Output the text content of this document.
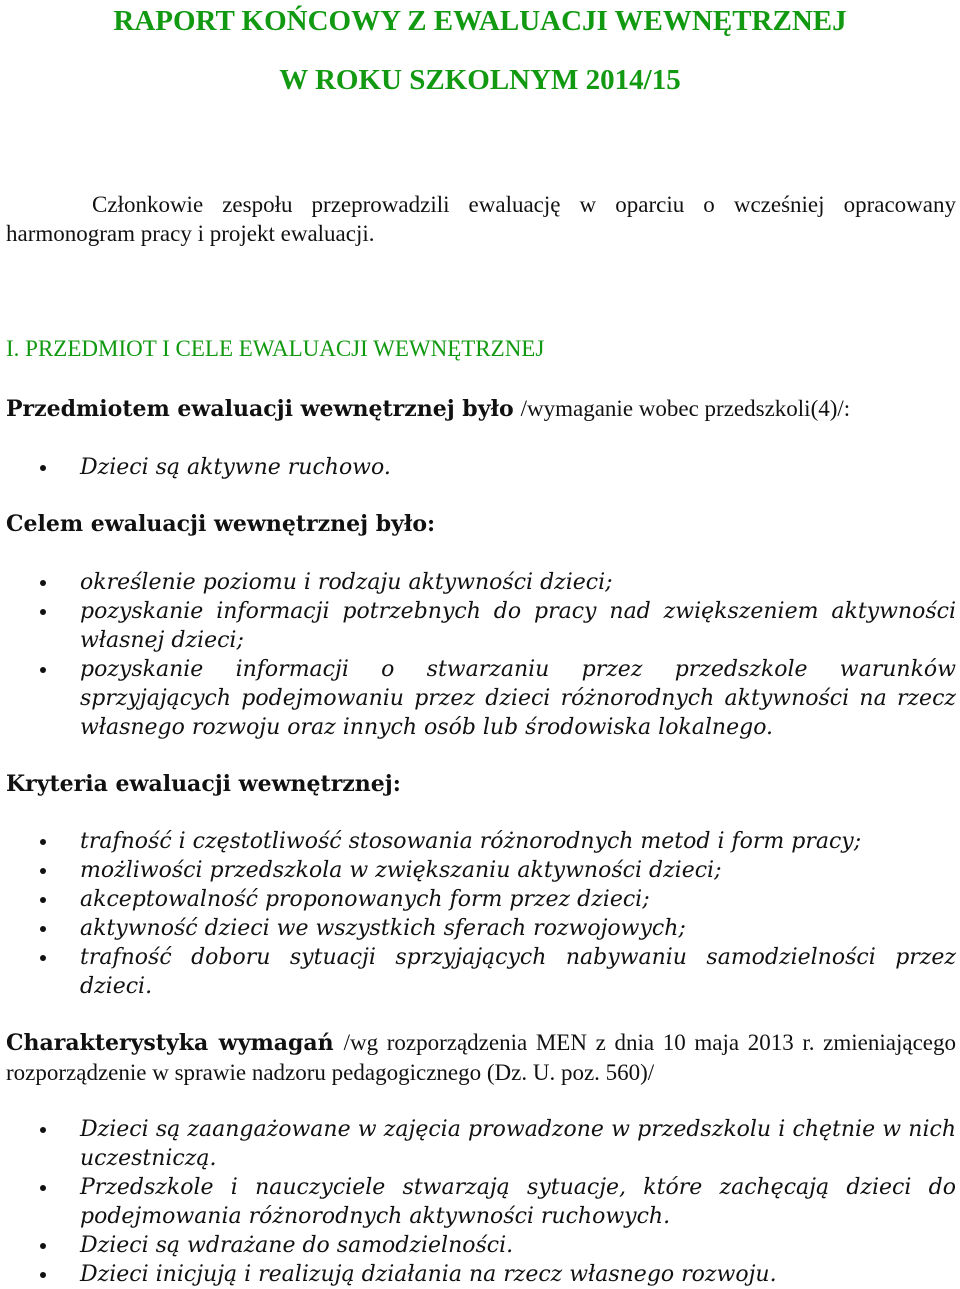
RAPORT KOŃCOWY Z EWALUACJI WEWNĘTRZNEJ
W ROKU SZKOLNYM 2014/15

Członkowie zespołu przeprowadzili ewaluację w oparciu o wcześniej opracowany harmonogram pracy i projekt ewaluacji.

I. PRZEDMIOT I CELE EWALUACJI WEWNĘTRZNEJ

Przedmiotem ewaluacji wewnętrznej było /wymaganie wobec przedszkoli(4)/:

Dzieci są aktywne ruchowo.

Celem ewaluacji wewnętrznej było:

określenie poziomu i rodzaju aktywności dzieci;
pozyskanie informacji potrzebnych do pracy nad zwiększeniem aktywności własnej dzieci;
pozyskanie informacji o stwarzaniu przez przedszkole warunków sprzyjających podejmowaniu przez dzieci różnorodnych aktywności na rzecz własnego rozwoju oraz innych osób lub środowiska lokalnego.

Kryteria ewaluacji wewnętrznej:

trafność i częstotliwość stosowania różnorodnych metod i form pracy;
możliwości przedszkola w zwiększaniu aktywności dzieci;
akceptowalność proponowanych form przez dzieci;
aktywność dzieci we wszystkich sferach rozwojowych;
trafność doboru sytuacji sprzyjających nabywaniu samodzielności przez dzieci.

Charakterystyka wymagań /wg rozporządzenia MEN z dnia 10 maja 2013 r. zmieniającego rozporządzenie w sprawie nadzoru pedagogicznego (Dz. U. poz. 560)/

Dzieci są zaangażowane w zajęcia prowadzone w przedszkolu i chętnie w nich uczestniczą.
Przedszkole i nauczyciele stwarzają sytuacje, które zachęcają dzieci do podejmowania różnorodnych aktywności ruchowych.
Dzieci są wdrażane do samodzielności.
Dzieci inicjują i realizują działania na rzecz własnego rozwoju.
